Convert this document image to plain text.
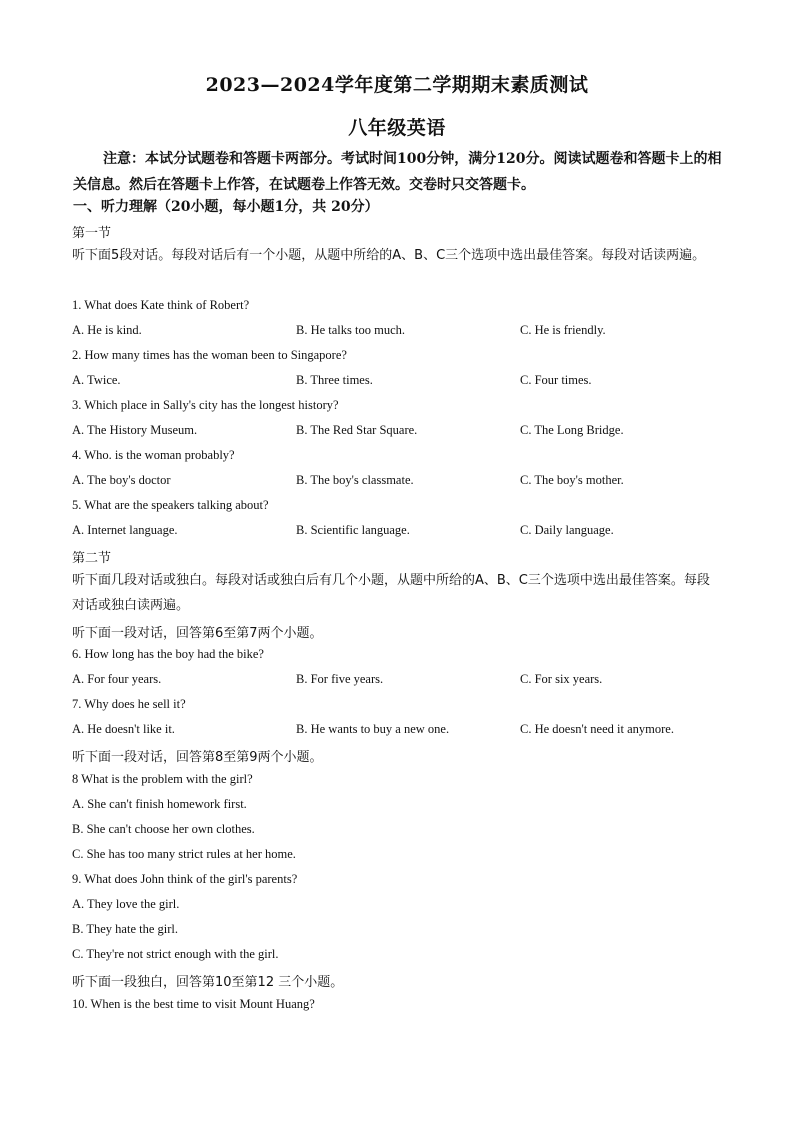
2023—2024学年度第二学期期末素质测试
八年级英语
注意：本试分试题卷和答题卡两部分。考试时间100分钟，满分120分。阅读试题卷和答题卡上的相关信息。然后在答题卡上作答，在试题卷上作答无效。交卷时只交答题卡。
一、听力理解（20小题，每小题1分，共 20分）
第一节
听下面5段对话。每段对话后有一个小题，从题中所给的A、B、C三个选项中选出最佳答案。每段对话读两遍。
1. What does Kate think of Robert?
A. He is kind.	B. He talks too much.	C. He is friendly.
2. How many times has the woman been to Singapore?
A. Twice.	B. Three times.	C. Four times.
3. Which place in Sally's city has the longest history?
A. The History Museum.	B. The Red Star Square.	C. The Long Bridge.
4. Who. is the woman probably?
A. The boy's doctor	B. The boy's classmate.	C. The boy's mother.
5. What are the speakers talking about?
A. Internet language.	B. Scientific language.	C. Daily language.
第二节
听下面几段对话或独白。每段对话或独白后有几个小题，从题中所给的A、B、C三个选项中选出最佳答案。每段对话或独白读两遍。
听下面一段对话，回答第6至第7两个小题。
6. How long has the boy had the bike?
A. For four years.	B. For five years.	C. For six years.
7. Why does he sell it?
A. He doesn't like it.	B. He wants to buy a new one.	C. He doesn't need it anymore.
听下面一段对话，回答第8至第9两个小题。
8 What is the problem with the girl?
A. She can't finish homework first.
B. She can't choose her own clothes.
C. She has too many strict rules at her home.
9. What does John think of the girl's parents?
A. They love the girl.
B. They hate the girl.
C. They're not strict enough with the girl.
听下面一段独白，回答第10至第12 三个小题。
10. When is the best time to visit Mount Huang?
